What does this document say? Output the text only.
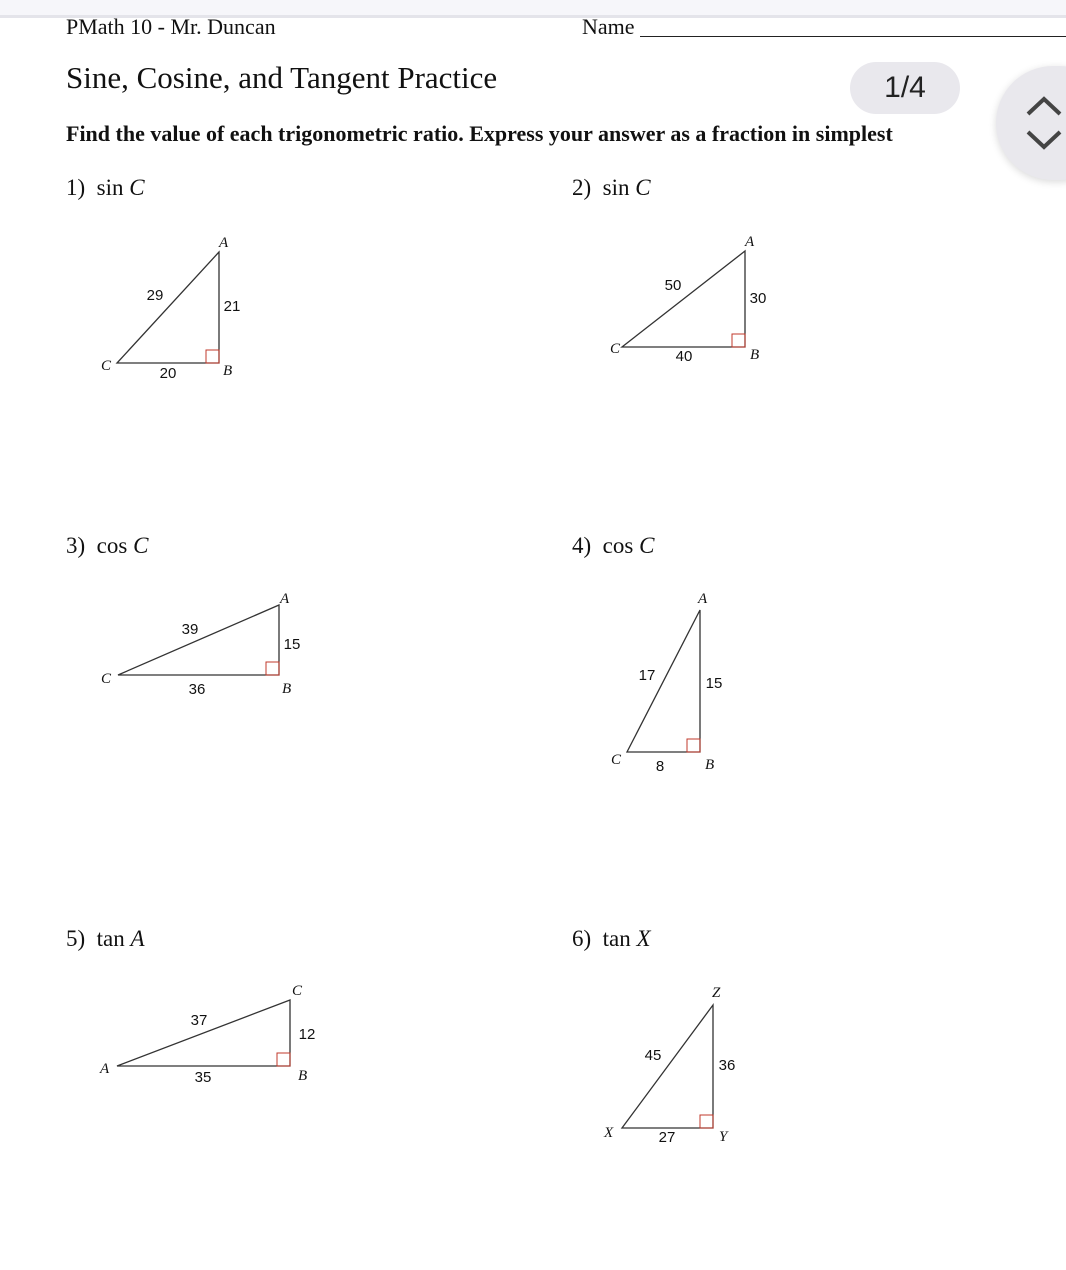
PMath 10 - Mr. Duncan	Name
Sine, Cosine, and Tangent Practice
Find the value of each trigonometric ratio. Express your answer as a fraction in simplest
1) sin C	2) sin C
3) cos C	4) cos C
5) tan A	6) tan X
A
C	B
29
21
20
A
C	B
50
30
40
A
C
B
39
15
36
A
C	B
17	15
8
C
A	B
37
12
35
Z
X	Y
45
36
27
1/4
